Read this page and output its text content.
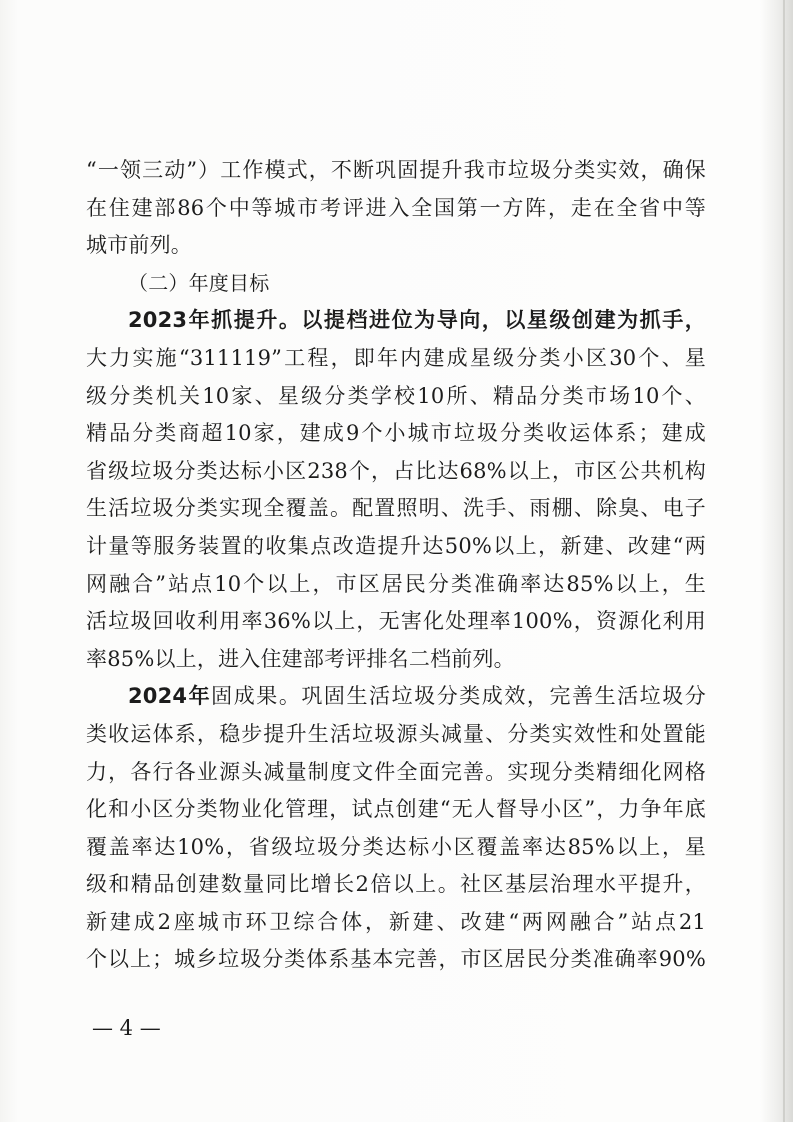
“一领三动”）工作模式，不断巩固提升我市垃圾分类实效，确保
在住建部86个中等城市考评进入全国第一方阵，走在全省中等
城市前列。
（二）年度目标
2023年抓提升。以提档进位为导向，以星级创建为抓手，
大力实施“311119”工程，即年内建成星级分类小区30个、星
级分类机关10家、星级分类学校10所、精品分类市场10个、
精品分类商超10家，建成9个小城市垃圾分类收运体系；建成
省级垃圾分类达标小区238个，占比达68%以上，市区公共机构
生活垃圾分类实现全覆盖。配置照明、洗手、雨棚、除臭、电子
计量等服务装置的收集点改造提升达50%以上，新建、改建“两
网融合”站点10个以上，市区居民分类准确率达85%以上，生
活垃圾回收利用率36%以上，无害化处理率100%，资源化利用
率85%以上，进入住建部考评排名二档前列。
2024年固成果。巩固生活垃圾分类成效，完善生活垃圾分
类收运体系，稳步提升生活垃圾源头减量、分类实效性和处置能
力，各行各业源头减量制度文件全面完善。实现分类精细化网格
化和小区分类物业化管理，试点创建“无人督导小区”，力争年底
覆盖率达10%，省级垃圾分类达标小区覆盖率达85%以上，星
级和精品创建数量同比增长2倍以上。社区基层治理水平提升，
新建成2座城市环卫综合体，新建、改建“两网融合”站点21
个以上；城乡垃圾分类体系基本完善，市区居民分类准确率90%
— 4 —
